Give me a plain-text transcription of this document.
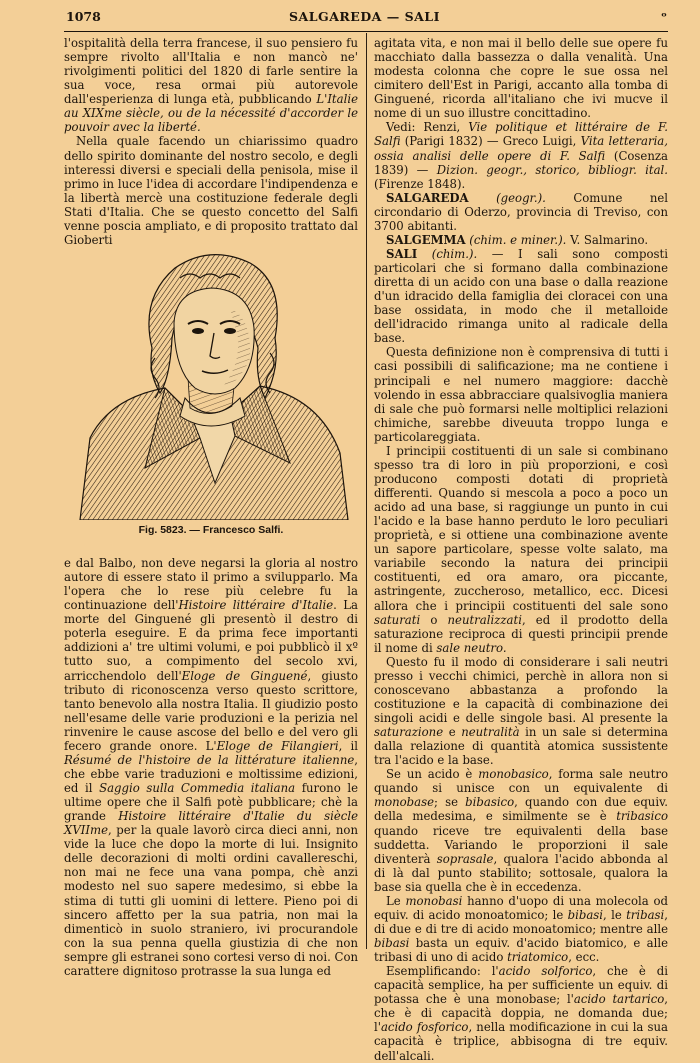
1078	SALGAREDA — SALI	ᵒ

l'ospitalità della terra francese, il suo pensiero fu sempre rivolto all'Italia e non mancò ne' rivolgimenti politici del 1820 di farle sentire la sua voce, resa ormai più autorevole dall'esperienza di lunga età, pubblicando L'Italie au XIXme siècle, ou de la nécessité d'accorder le pouvoir avec la liberté.

Nella quale facendo un chiarissimo quadro dello spirito dominante del nostro secolo, e degli interessi diversi e speciali della penisola, mise il primo in luce l'idea di accordare l'indipendenza e la libertà mercè una costituzione federale degli Stati d'Italia. Che se questo concetto del Salfi venne poscia ampliato, e di proposito trattato dal Gioberti

Fig. 5823. — Francesco Salfi.

e dal Balbo, non deve negarsi la gloria al nostro autore di essere stato il primo a svilupparlo. Ma l'opera che lo rese più celebre fu la continuazione dell'Histoire littéraire d'Italie. La morte del Ginguené gli presentò il destro di poterla eseguire. E da prima fece importanti addizioni a' tre ultimi volumi, e poi pubblicò il xº tutto suo, a compimento del secolo xvi, arricchendolo dell'Eloge de Ginguené, giusto tributo di riconoscenza verso questo scrittore, tanto benevolo alla nostra Italia. Il giudizio posto nell'esame delle varie produzioni e la perizia nel rinvenire le cause ascose del bello e del vero gli fecero grande onore. L'Eloge de Filangieri, il Résumé de l'histoire de la littérature italienne, che ebbe varie traduzioni e moltissime edizioni, ed il Saggio sulla Commedia italiana furono le ultime opere che il Salfi potè pubblicare; chè la grande Histoire littéraire d'Italie du siècle XVIIme, per la quale lavorò circa dieci anni, non vide la luce che dopo la morte di lui. Insignito delle decorazioni di molti ordini cavallereschi, non mai ne fece una vana pompa, chè anzi modesto nel suo sapere medesimo, si ebbe la stima di tutti gli uomini di lettere. Pieno poi di sincero affetto per la sua patria, non mai la dimenticò in suolo straniero, ivi procurandole con la sua penna quella giustizia di che non sempre gli estranei sono cortesi verso di noi. Con carattere dignitoso protrasse la sua lunga ed

agitata vita, e non mai il bello delle sue opere fu macchiato dalla bassezza o dalla venalità. Una modesta colonna che copre le sue ossa nel cimitero dell'Est in Parigi, accanto alla tomba di Ginguené, ricorda all'italiano che ivi mucve il nome di un suo illustre concittadino.

Vedi: Renzi, Vie politique et littéraire de F. Salfi (Parigi 1832) — Greco Luigi, Vita letteraria, ossia analisi delle opere di F. Salfi (Cosenza 1839) — Dizion. geogr., storico, bibliogr. ital. (Firenze 1848).

SALGAREDA (geogr.). Comune nel circondario di Oderzo, provincia di Treviso, con 3700 abitanti.

SALGEMMA (chim. e miner.). V. Salmarino.

SALI (chim.). — I sali sono composti particolari che si formano dalla combinazione diretta di un acido con una base o dalla reazione d'un idracido della famiglia dei cloracei con una base ossidata, in modo che il metalloide dell'idracido rimanga unito al radicale della base.

Questa definizione non è comprensiva di tutti i casi possibili di salificazione; ma ne contiene i principali e nel numero maggiore: dacchè volendo in essa abbracciare qualsivoglia maniera di sale che può formarsi nelle moltiplici relazioni chimiche, sarebbe diveuuta troppo lunga e particolareggiata.

I principii costituenti di un sale si combinano spesso tra di loro in più proporzioni, e così producono composti dotati di proprietà differenti. Quando si mescola a poco a poco un acido ad una base, si raggiunge un punto in cui l'acido e la base hanno perduto le loro peculiari proprietà, e si ottiene una combinazione avente un sapore particolare, spesse volte salato, ma variabile secondo la natura dei principii costituenti, ed ora amaro, ora piccante, astringente, zuccheroso, metallico, ecc. Dicesi allora che i principii costituenti del sale sono saturati o neutralizzati, ed il prodotto della saturazione reciproca di questi principii prende il nome di sale neutro.

Questo fu il modo di considerare i sali neutri presso i vecchi chimici, perchè in allora non si conoscevano abbastanza a profondo la costituzione e la capacità di combinazione dei singoli acidi e delle singole basi. Al presente la saturazione e neutralità in un sale si determina dalla relazione di quantità atomica sussistente tra l'acido e la base.

Se un acido è monobasico, forma sale neutro quando si unisce con un equivalente di monobase; se bibasico, quando con due equiv. della medesima, e similmente se è tribasico quando riceve tre equivalenti della base suddetta. Variando le proporzioni il sale diventerà soprasale, qualora l'acido abbonda al di là dal punto stabilito; sottosale, qualora la base sia quella che è in eccedenza.

Le monobasi hanno d'uopo di una molecola od equiv. di acido monoatomico; le bibasi, le tribasi, di due e di tre di acido monoatomico; mentre alle bibasi basta un equiv. d'acido biatomico, e alle tribasi di uno di acido triatomico, ecc.

Esemplificando: l'acido solforico, che è di capacità semplice, ha per sufficiente un equiv. di potassa che è una monobase; l'acido tartarico, che è di capacità doppia, ne domanda due; l'acido fosforico, nella modificazione in cui la sua capacità è triplice, abbisogna di tre equiv. dell'alcali.
